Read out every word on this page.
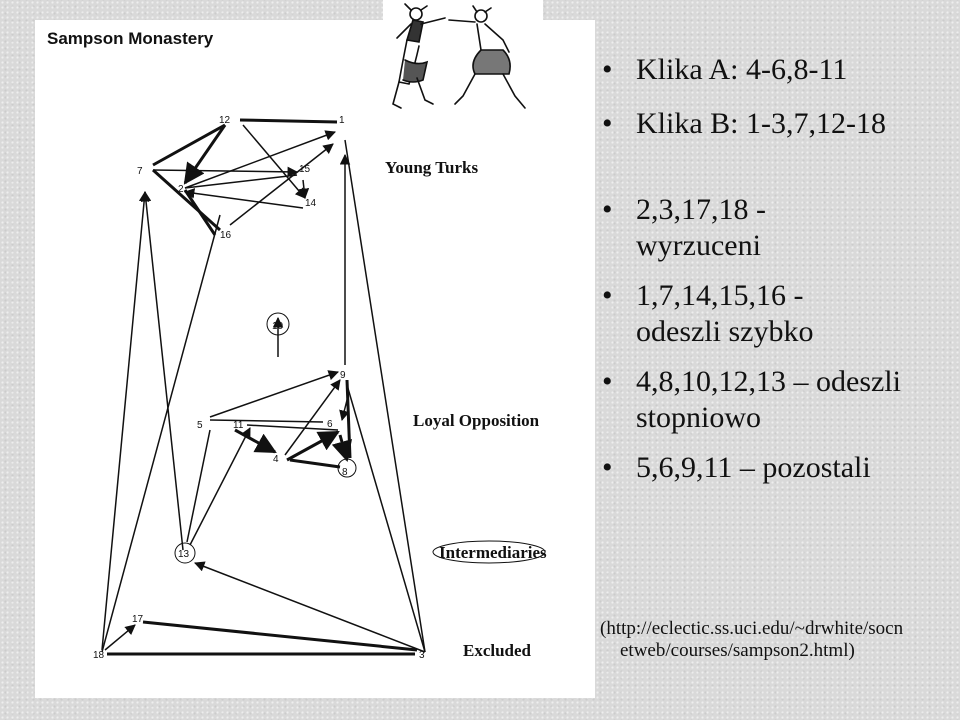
Sampson Monastery
1
2
3
4
5	6
7
8
9
10
11
12
13
14
15
16
17
18
Young Turks
Loyal Opposition
Intermediaries
Excluded
• Klika A: 4-6,8-11
• Klika B: 1-3,7,12-18
• 2,3,17,18 - wyrzuceni
• 1,7,14,15,16 - odeszli szybko
• 4,8,10,12,13 – odeszli stopniowo
• 5,6,9,11 – pozostali
(http://eclectic.ss.uci.edu/~drwhite/socn
etweb/courses/sampson2.html)
